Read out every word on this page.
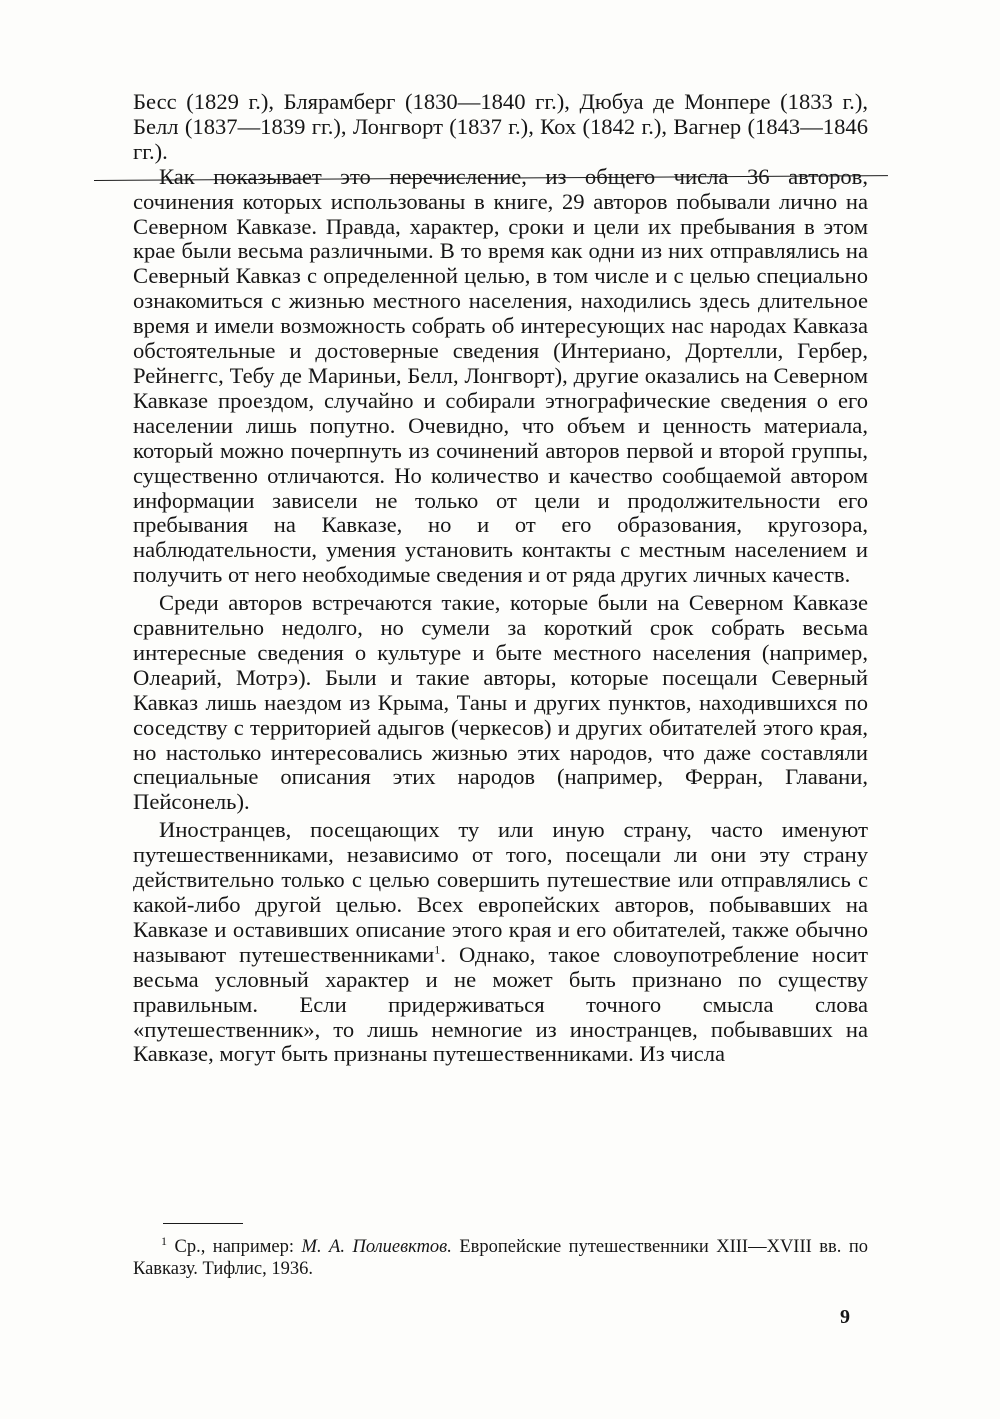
Бесс (1829 г.), Блярамберг (1830—1840 гг.), Дюбуа де Монпере (1833 г.), Белл (1837—1839 гг.), Лонгворт (1837 г.), Кох (1842 г.), Вагнер (1843—1846 гг.).

Как показывает это перечисление, из общего числа 36 авторов, сочинения которых использованы в книге, 29 авторов побывали лично на Северном Кавказе. Правда, характер, сроки и цели их пребывания в этом крае были весьма различными. В то время как одни из них отправлялись на Северный Кавказ с определенной целью, в том числе и с целью специально ознакомиться с жизнью местного населения, находились здесь длительное время и имели возможность собрать об интересующих нас народах Кавказа обстоятельные и достоверные сведения (Интериано, Дортелли, Гербер, Рейнеггс, Тебу де Мариньи, Белл, Лонгворт), другие оказались на Северном Кавказе проездом, случайно и собирали этнографические сведения о его населении лишь попутно. Очевидно, что объем и ценность материала, который можно почерпнуть из сочинений авторов первой и второй группы, существенно отличаются. Но количество и качество сообщаемой автором информации зависели не только от цели и продолжительности его пребывания на Кавказе, но и от его образования, кругозора, наблюдательности, умения установить контакты с местным населением и получить от него необходимые сведения и от ряда других личных качеств.

Среди авторов встречаются такие, которые были на Северном Кавказе сравнительно недолго, но сумели за короткий срок собрать весьма интересные сведения о культуре и быте местного населения (например, Олеарий, Мотрэ). Были и такие авторы, которые посещали Северный Кавказ лишь наездом из Крыма, Таны и других пунктов, находившихся по соседству с территорией адыгов (черкесов) и других обитателей этого края, но настолько интересовались жизнью этих народов, что даже составляли специальные описания этих народов (например, Ферран, Главани, Пейсонель).

Иностранцев, посещающих ту или иную страну, часто именуют путешественниками, независимо от того, посещали ли они эту страну действительно только с целью совершить путешествие или отправлялись с какой-либо другой целью. Всех европейских авторов, побывавших на Кавказе и оставивших описание этого края и его обитателей, также обычно называют путешественниками$^1$. Однако, такое словоупотребление носит весьма условный характер и не может быть признано по существу правильным. Если придерживаться точного смысла слова «путешественник», то лишь немногие из иностранцев, побывавших на Кавказе, могут быть признаны путешественниками. Из числа

$^1$ Ср., например: М. А. Полиевктов. Европейские путешественники XIII—XVIII вв. по Кавказу. Тифлис, 1936.

9
